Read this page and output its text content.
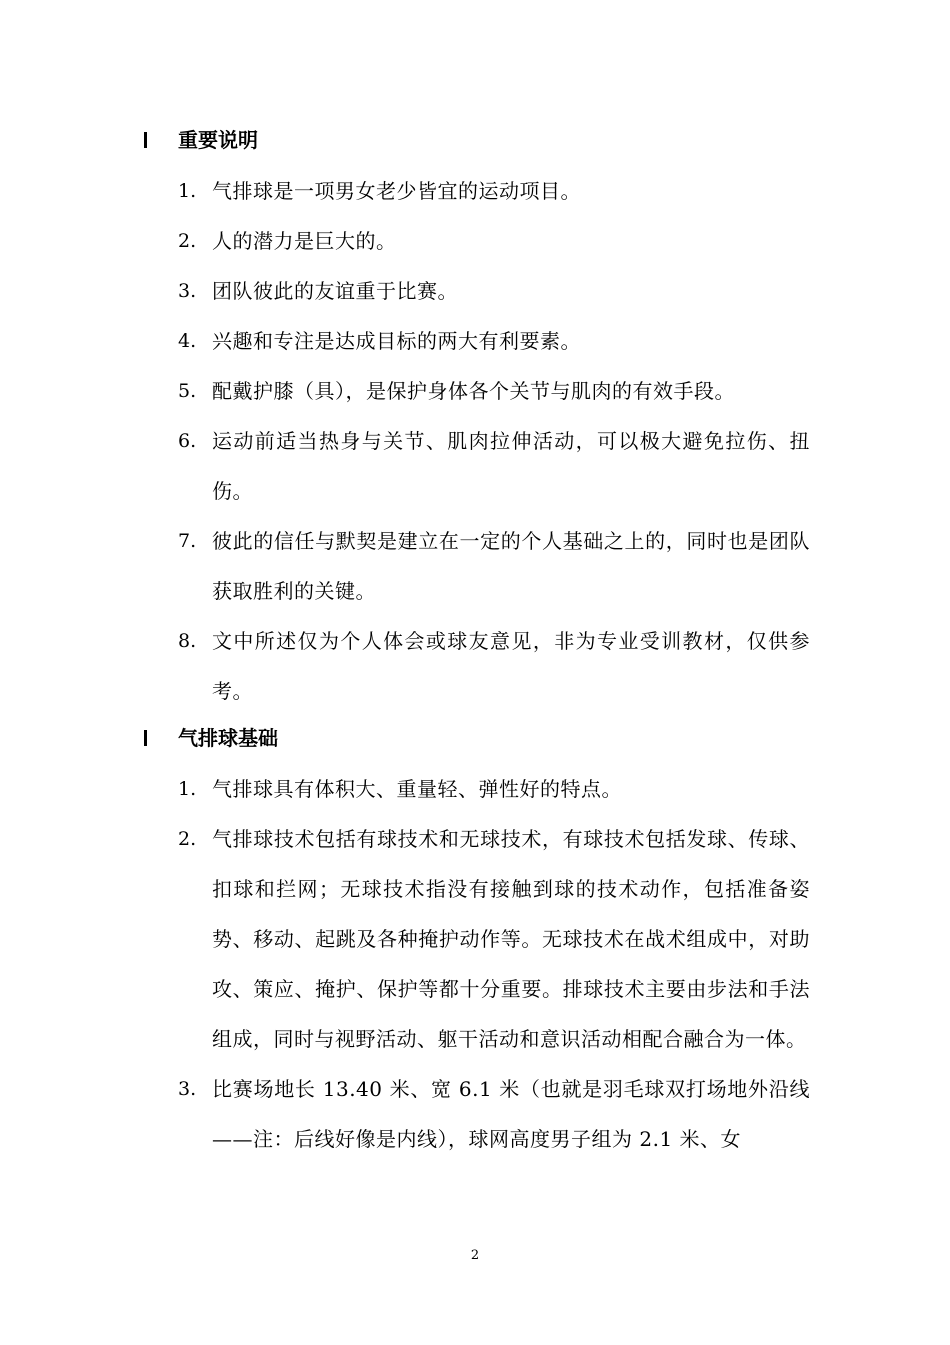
重要说明
1. 气排球是一项男女老少皆宜的运动项目。
2. 人的潜力是巨大的。
3. 团队彼此的友谊重于比赛。
4. 兴趣和专注是达成目标的两大有利要素。
5. 配戴护膝（具），是保护身体各个关节与肌肉的有效手段。
6. 运动前适当热身与关节、肌肉拉伸活动，可以极大避免拉伤、扭伤。
7. 彼此的信任与默契是建立在一定的个人基础之上的，同时也是团队获取胜利的关键。
8. 文中所述仅为个人体会或球友意见，非为专业受训教材，仅供参考。
气排球基础
1. 气排球具有体积大、重量轻、弹性好的特点。
2. 气排球技术包括有球技术和无球技术，有球技术包括发球、传球、扣球和拦网；无球技术指没有接触到球的技术动作，包括准备姿势、移动、起跳及各种掩护动作等。无球技术在战术组成中，对助攻、策应、掩护、保护等都十分重要。排球技术主要由步法和手法组成，同时与视野活动、躯干活动和意识活动相配合融合为一体。
3. 比赛场地长 13.40 米、宽 6.1 米（也就是羽毛球双打场地外沿线——注：后线好像是内线），球网高度男子组为 2.1 米、女
2
